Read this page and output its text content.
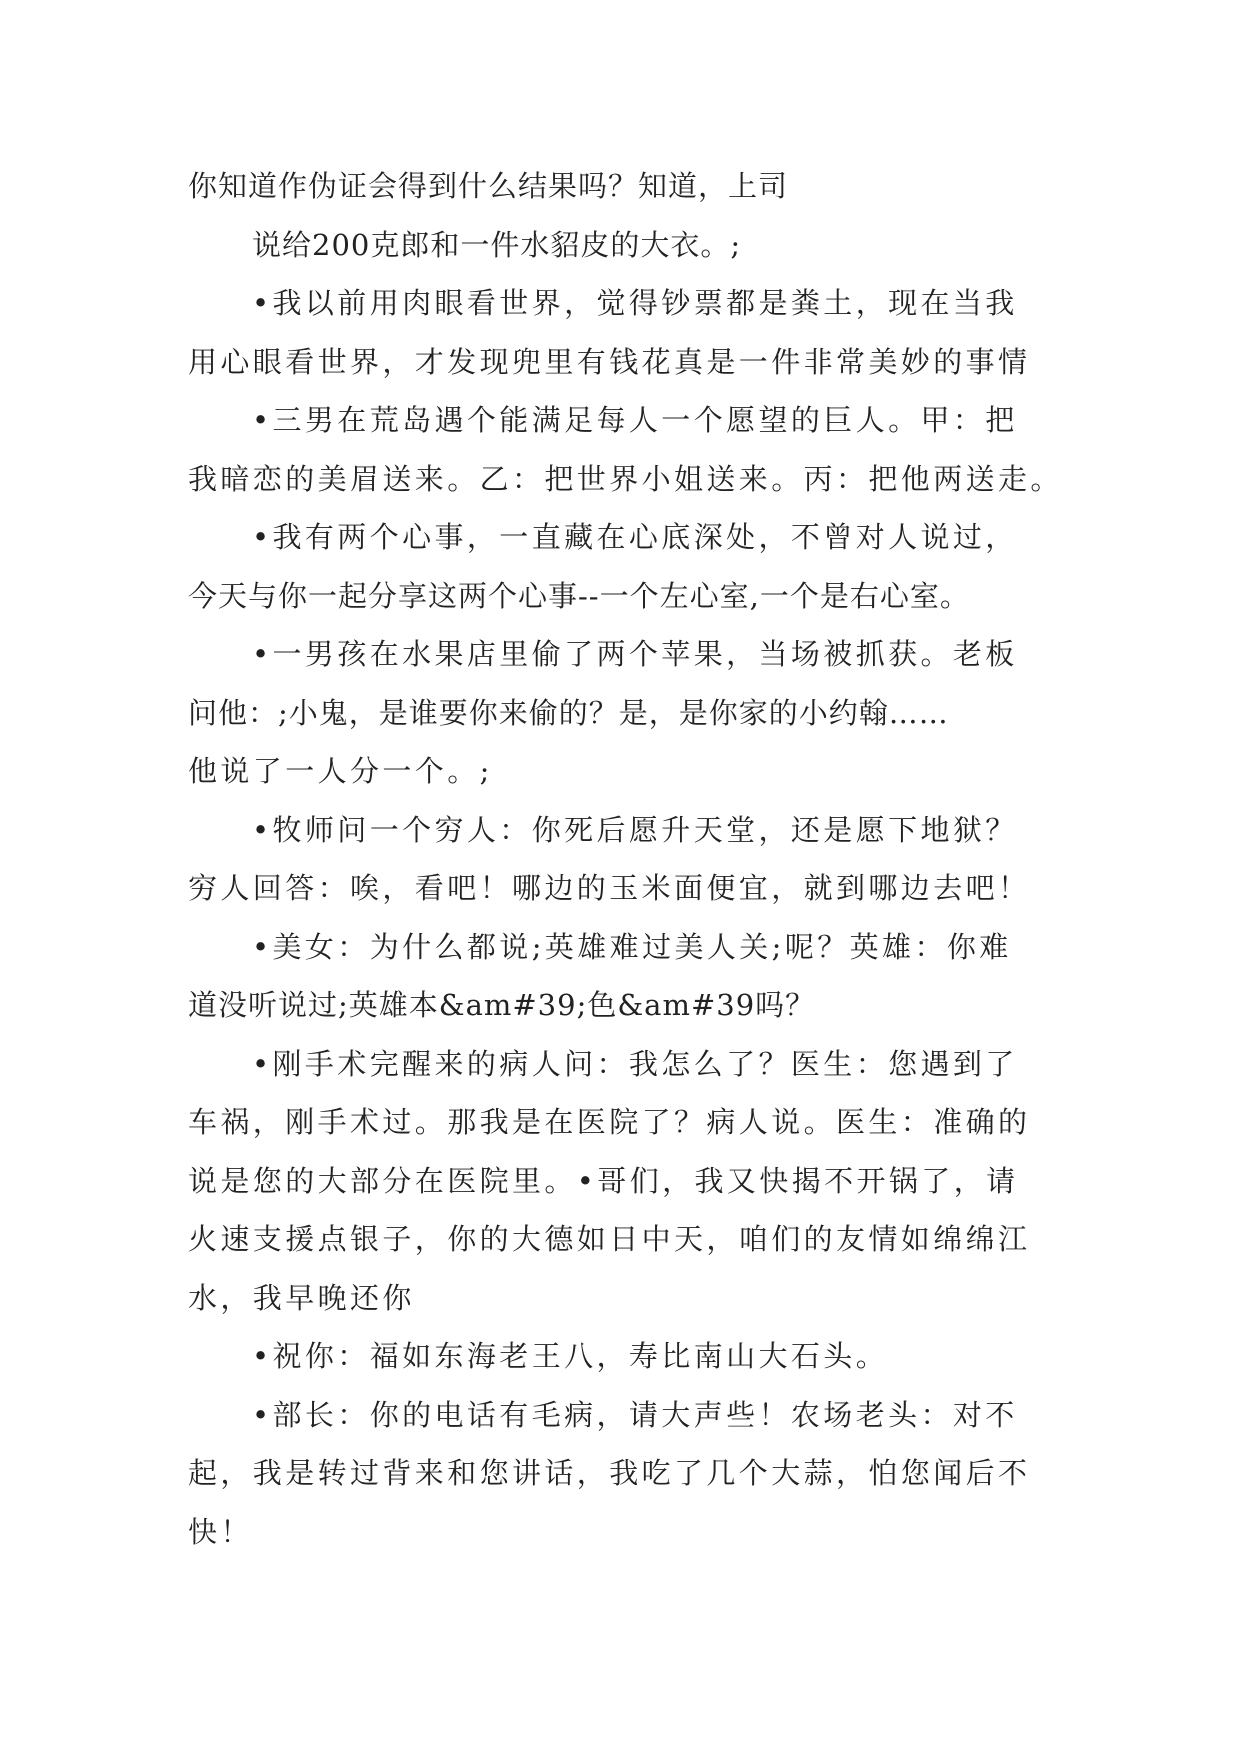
你知道作伪证会得到什么结果吗？知道，上司
说给200克郎和一件水貂皮的大衣。;
•我以前用肉眼看世界，觉得钞票都是粪土，现在当我
用心眼看世界，才发现兜里有钱花真是一件非常美妙的事情
•三男在荒岛遇个能满足每人一个愿望的巨人。甲：把
我暗恋的美眉送来。乙：把世界小姐送来。丙：把他两送走。
•我有两个心事，一直藏在心底深处，不曾对人说过，
今天与你一起分享这两个心事--一个左心室,一个是右心室。
•一男孩在水果店里偷了两个苹果，当场被抓获。老板
问他：;小鬼，是谁要你来偷的？是，是你家的小约翰……
他说了一人分一个。;
•牧师问一个穷人：你死后愿升天堂，还是愿下地狱？
穷人回答：唉，看吧！哪边的玉米面便宜，就到哪边去吧！
•美女：为什么都说;英雄难过美人关;呢？英雄：你难
道没听说过;英雄本&am#39;色&am#39吗？
•刚手术完醒来的病人问：我怎么了？医生：您遇到了
车祸，刚手术过。那我是在医院了？病人说。医生：准确的
说是您的大部分在医院里。•哥们，我又快揭不开锅了，请
火速支援点银子，你的大德如日中天，咱们的友情如绵绵江
水，我早晚还你
•祝你：福如东海老王八，寿比南山大石头。
•部长：你的电话有毛病，请大声些！农场老头：对不
起，我是转过背来和您讲话，我吃了几个大蒜，怕您闻后不
快！
